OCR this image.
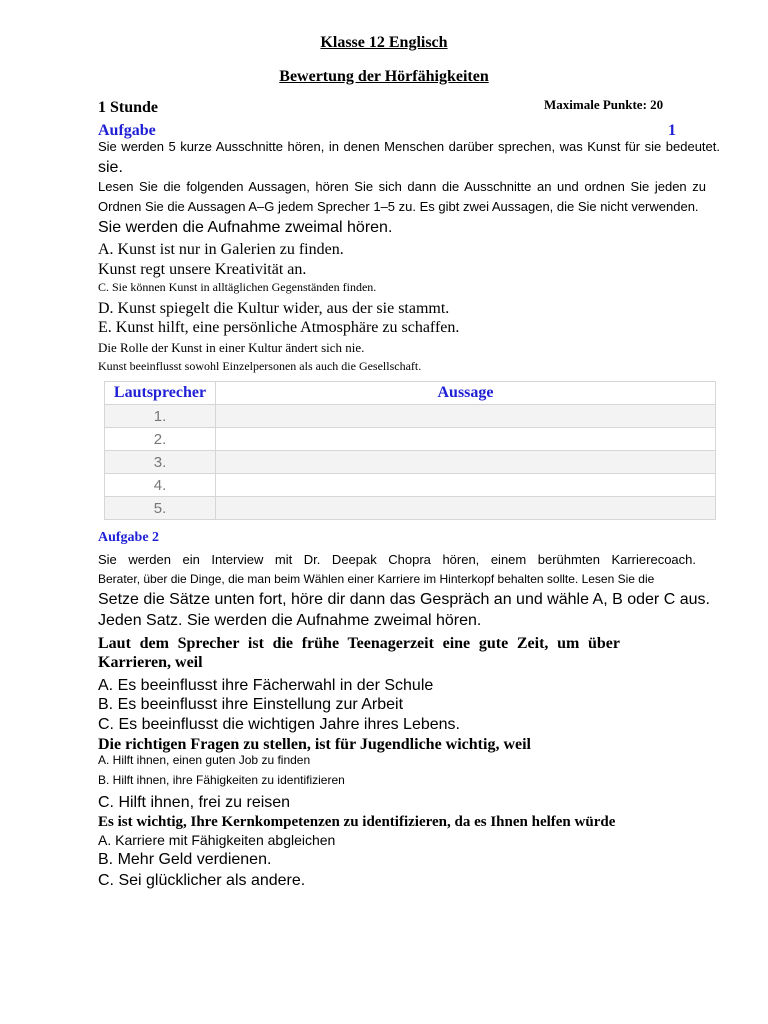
Klasse 12 Englisch
Bewertung der Hörfähigkeiten
1 Stunde	Maximale Punkte: 20
Aufgabe	1
Sie werden 5 kurze Ausschnitte hören, in denen Menschen darüber sprechen, was Kunst für sie bedeutet.
sie.
Lesen Sie die folgenden Aussagen, hören Sie sich dann die Ausschnitte an und ordnen Sie jeden zu
Ordnen Sie die Aussagen A–G jedem Sprecher 1–5 zu. Es gibt zwei Aussagen, die Sie nicht verwenden.
Sie werden die Aufnahme zweimal hören.
A. Kunst ist nur in Galerien zu finden.
Kunst regt unsere Kreativität an.
C. Sie können Kunst in alltäglichen Gegenständen finden.
D. Kunst spiegelt die Kultur wider, aus der sie stammt.
E. Kunst hilft, eine persönliche Atmosphäre zu schaffen.
Die Rolle der Kunst in einer Kultur ändert sich nie.
Kunst beeinflusst sowohl Einzelpersonen als auch die Gesellschaft.
Lautsprecher	Aussage
1.	
2.	
3.	
4.	
5.	
Aufgabe 2
Sie werden ein Interview mit Dr. Deepak Chopra hören, einem berühmten Karrierecoach.
Berater, über die Dinge, die man beim Wählen einer Karriere im Hinterkopf behalten sollte. Lesen Sie die
Setze die Sätze unten fort, höre dir dann das Gespräch an und wähle A, B oder C aus.
Jeden Satz. Sie werden die Aufnahme zweimal hören.
Laut dem Sprecher ist die frühe Teenagerzeit eine gute Zeit, um über
Karrieren, weil
A. Es beeinflusst ihre Fächerwahl in der Schule
B. Es beeinflusst ihre Einstellung zur Arbeit
C. Es beeinflusst die wichtigen Jahre ihres Lebens.
Die richtigen Fragen zu stellen, ist für Jugendliche wichtig, weil
A. Hilft ihnen, einen guten Job zu finden
B. Hilft ihnen, ihre Fähigkeiten zu identifizieren
C. Hilft ihnen, frei zu reisen
Es ist wichtig, Ihre Kernkompetenzen zu identifizieren, da es Ihnen helfen würde
A. Karriere mit Fähigkeiten abgleichen
B. Mehr Geld verdienen.
C. Sei glücklicher als andere.
